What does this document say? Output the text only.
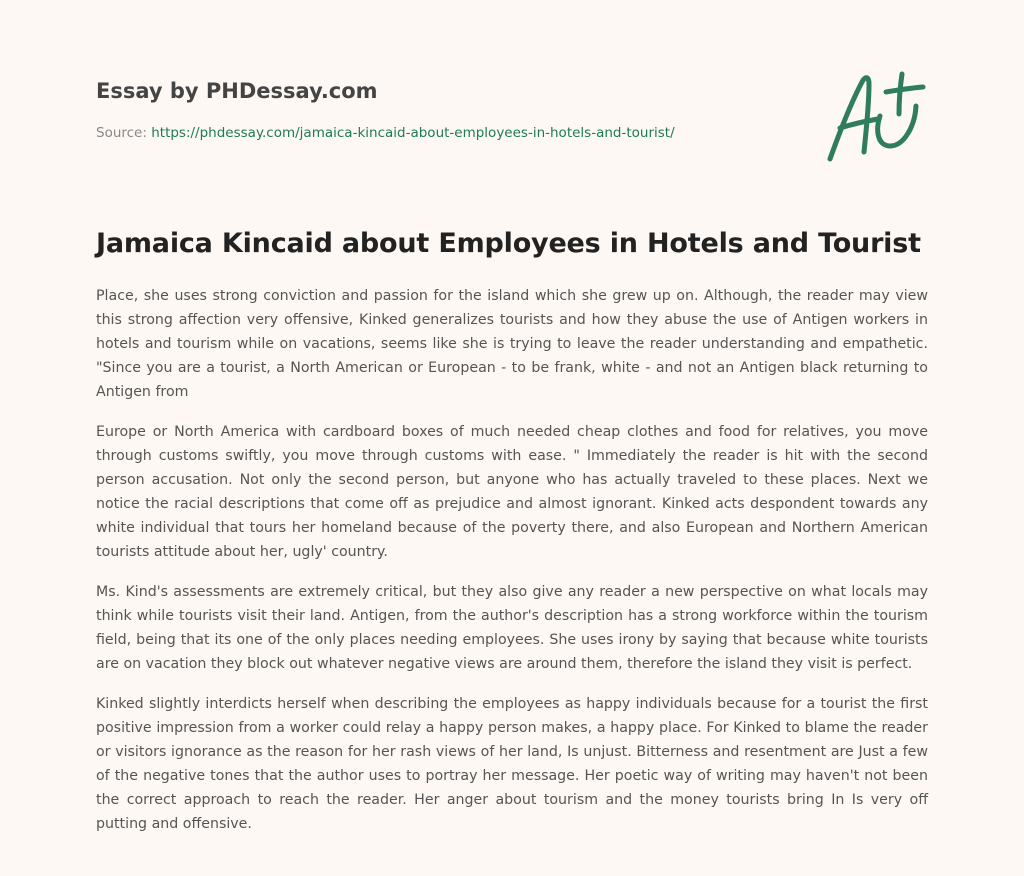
Essay by PHDessay.com
Source: https://phdessay.com/jamaica-kincaid-about-employees-in-hotels-and-tourist/
Jamaica Kincaid about Employees in Hotels and Tourist

Place, she uses strong conviction and passion for the island which she grew up on. Although, the reader may view this strong affection very offensive, Kinked generalizes tourists and how they abuse the use of Antigen workers in hotels and tourism while on vacations, seems like she is trying to leave the reader understanding and empathetic. "Since you are a tourist, a North American or European - to be frank, white - and not an Antigen black returning to Antigen from

Europe or North America with cardboard boxes of much needed cheap clothes and food for relatives, you move through customs swiftly, you move through customs with ease. " Immediately the reader is hit with the second person accusation. Not only the second person, but anyone who has actually traveled to these places. Next we notice the racial descriptions that come off as prejudice and almost ignorant. Kinked acts despondent towards any white individual that tours her homeland because of the poverty there, and also European and Northern American tourists attitude about her, ugly' country.

Ms. Kind's assessments are extremely critical, but they also give any reader a new perspective on what locals may think while tourists visit their land. Antigen, from the author's description has a strong workforce within the tourism field, being that its one of the only places needing employees. She uses irony by saying that because white tourists are on vacation they block out whatever negative views are around them, therefore the island they visit is perfect.

Kinked slightly interdicts herself when describing the employees as happy individuals because for a tourist the first positive impression from a worker could relay a happy person makes, a happy place. For Kinked to blame the reader or visitors ignorance as the reason for her rash views of her land, Is unjust. Bitterness and resentment are Just a few of the negative tones that the author uses to portray her message. Her poetic way of writing may haven't not been the correct approach to reach the reader. Her anger about tourism and the money tourists bring In Is very off putting and offensive.
